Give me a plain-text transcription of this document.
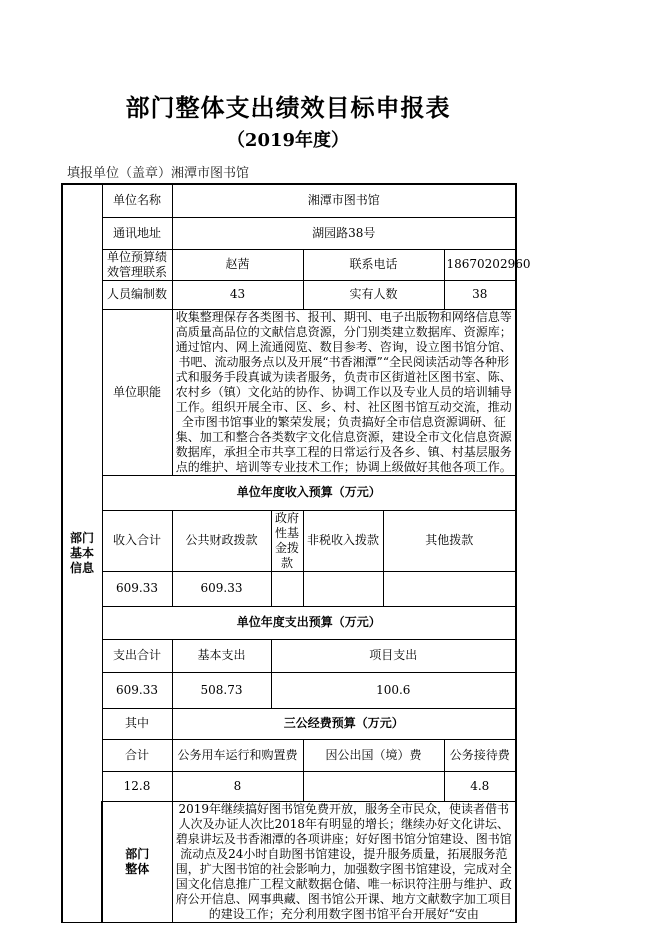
部门整体支出绩效目标申报表
（2019年度）
填报单位（盖章）湘潭市图书馆
部门
基本
信息	单位名称	湘潭市图书馆				
	通讯地址	湖园路38号				
	单位预算绩效管理联系	赵茜		联系电话		18670202960
	人员编制数	43		实有人数		38
	单位职能	收集整理保存各类图书、报刊、期刊、电子出版物和网络信息等高质量高品位的文献信息资源，分门别类建立数据库、资源库；通过馆内、网上流通阅览、数目参考、咨询，设立图书馆分馆、书吧、流动服务点以及开展“书香湘潭”“全民阅读活动等各种形式和服务手段真诚为读者服务，负责市区街道社区图书室、陈、农村乡（镇）文化站的协作、协调工作以及专业人员的培训辅导工作。组织开展全市、区、乡、村、社区图书馆互动交流，推动全市图书馆事业的繁荣发展；负责搞好全市信息资源调研、征集、加工和整合各类数字文化信息资源，建设全市文化信息资源数据库，承担全市共享工程的日常运行及各乡、镇、村基层服务点的维护、培训等专业技术工作；协调上级做好其他各项工作。				
	单位年度收入预算（万元）					
	收入合计	公共财政拨款	政府性基金拨款	非税收入拨款	其他拨款	
	609.33	609.33				
	单位年度支出预算（万元）					
	支出合计	基本支出	项目支出			
	609.33	508.73	100.6			
	其中	三公经费预算（万元）				
	合计	公务用车运行和购置费		因公出国（境）费		公务接待费
	12.8	8				4.8
	部门
整体	2019年继续搞好图书馆免费开放，服务全市民众，使读者借书人次及办证人次比2018年有明显的增长；继续办好文化讲坛、碧泉讲坛及书香湘潭的各项讲座；好好图书馆分馆建设、图书馆流动点及24小时自助图书馆建设，提升服务质量，拓展服务范围，扩大图书馆的社会影响力，加强数字图书馆建设，完成对全国文化信息推广工程文献数据仓储、唯一标识符注册与维护、政府公开信息、网事典藏、图书馆公开课、地方文献数字加工项目的建设工作；充分利用数字图书馆平台开展好“安由				
